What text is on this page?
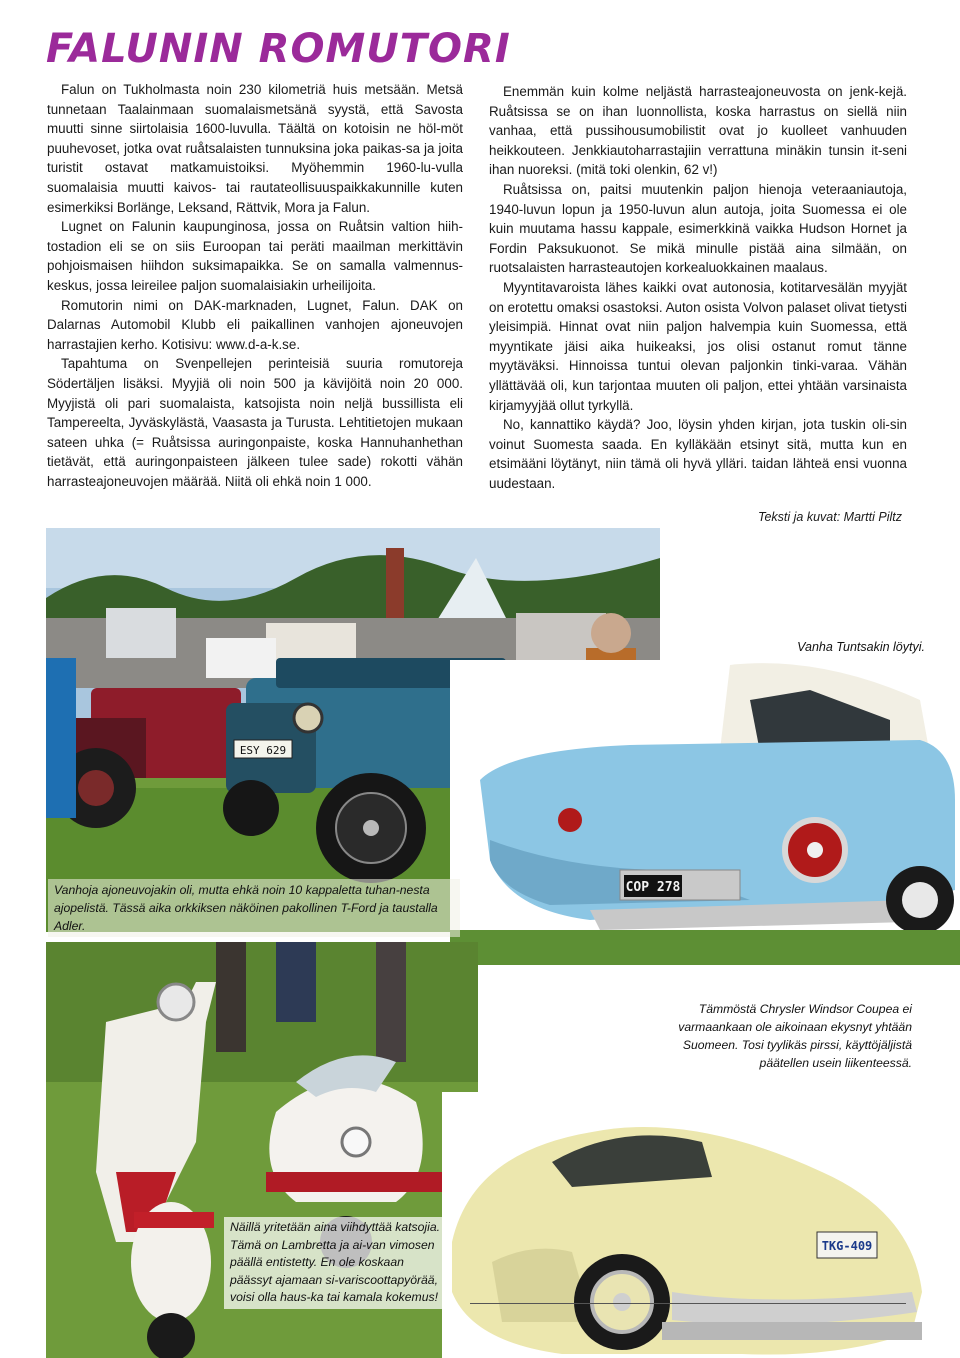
FALUNIN ROMUTORI

Falun on Tukholmasta noin 230 kilometriä huis metsään. Metsä tunnetaan Taalainmaan suomalaismetsänä syystä, että Savosta muutti sinne siirtolaisia 1600-luvulla. Täältä on kotoisin ne höl-möt puuhevoset, jotka ovat ruåtsalaisten tunnuksina joka paikas-sa ja joita turistit ostavat matkamuistoiksi. Myöhemmin 1960-lu-vulla suomalaisia muutti kaivos- tai rautateollisuuspaikkakunnille kuten esimerkiksi Borlänge, Leksand, Rättvik, Mora ja Falun.

Lugnet on Falunin kaupunginosa, jossa on Ruåtsin valtion hiih-tostadion eli se on siis Euroopan tai peräti maailman merkittävin pohjoismaisen hiihdon suksimapaikka. Se on samalla valmennus-keskus, jossa leireilee paljon suomalaisiakin urheilijoita.

Romutorin nimi on DAK-marknaden, Lugnet, Falun. DAK on Dalarnas Automobil Klubb eli paikallinen vanhojen ajoneuvojen harrastajien kerho. Kotisivu: www.d-a-k.se.

Tapahtuma on Svenpellejen perinteisiä suuria romutoreja Södertäljen lisäksi. Myyjiä oli noin 500 ja kävijöitä noin 20 000. Myyjistä oli pari suomalaista, katsojista noin neljä bussillista eli Tampereelta, Jyväskylästä, Vaasasta ja Turusta. Lehtitietojen mukaan sateen uhka (= Ruåtsissa auringonpaiste, koska Hannuhanhethan tietävät, että auringonpaisteen jälkeen tulee sade) rokotti vähän harrasteajoneuvojen määrää. Niitä oli ehkä noin 1 000.

Enemmän kuin kolme neljästä harrasteajoneuvosta on jenk-kejä. Ruåtsissa se on ihan luonnollista, koska harrastus on siellä niin vanhaa, että pussihousumobilistit ovat jo kuolleet vanhuuden heikkouteen. Jenkkiautoharrastajiin verrattuna minäkin tunsin it-seni ihan nuoreksi. (mitä toki olenkin, 62 v!)

Ruåtsissa on, paitsi muutenkin paljon hienoja veteraaniautoja, 1940-luvun lopun ja 1950-luvun alun autoja, joita Suomessa ei ole kuin muutama hassu kappale, esimerkkinä vaikka Hudson Hornet ja Fordin Paksukuonot. Se mikä minulle pistää aina silmään, on ruotsalaisten harrasteautojen korkealuokkainen maalaus.

Myyntitavaroista lähes kaikki ovat autonosia, kotitarvesälän myyjät on erotettu omaksi osastoksi. Auton osista Volvon palaset olivat tietysti yleisimpiä. Hinnat ovat niin paljon halvempia kuin Suomessa, että myyntikate jäisi aika huikeaksi, jos olisi ostanut romut tänne myytäväksi. Hinnoissa tuntui olevan paljonkin tinki-varaa. Vähän yllättävää oli, kun tarjontaa muuten oli paljon, ettei yhtään varsinaista kirjamyyjää ollut tyrkyllä.

No, kannattiko käydä? Joo, löysin yhden kirjan, jota tuskin oli-sin voinut Suomesta saada. En kylläkään etsinyt sitä, mutta kun en etsimääni löytänyt, niin tämä oli hyvä ylläri. taidan lähteä ensi vuonna uudestaan.

Teksti ja kuvat: Martti Piltz

ESY 629
COP 278
TKG-409

Vanhoja ajoneuvojakin oli, mutta ehkä noin 10 kappaletta tuhan-nesta ajopelistä. Tässä aika orkkiksen näköinen pakollinen T-Ford ja taustalla Adler.

Vanha Tuntsakin löytyi.

Tämmöstä Chrysler Windsor Coupea ei varmaankaan ole aikoinaan ekysnyt yhtään Suomeen. Tosi tyylikäs pirssi, käyttöjäljistä päätellen usein liikenteessä.

Näillä yritetään aina viihdyttää katsojia. Tämä on Lambretta ja ai-van vimosen päällä entistetty. En ole koskaan päässyt ajamaan si-variscoottapyörää, voisi olla haus-ka tai kamala kokemus!
